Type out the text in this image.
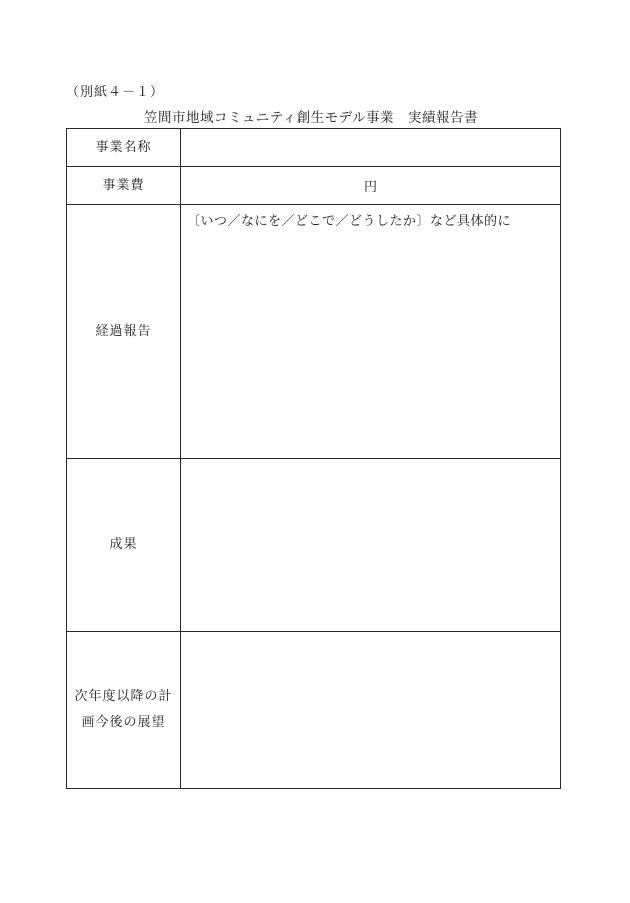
（別紙４－１）
笠間市地域コミュニティ創生モデル事業　実績報告書
事業名称	
事業費	円
経過報告	〔いつ／なにを／どこで／どうしたか〕など具体的に

成果	

次年度以降の計
画今後の展望	
